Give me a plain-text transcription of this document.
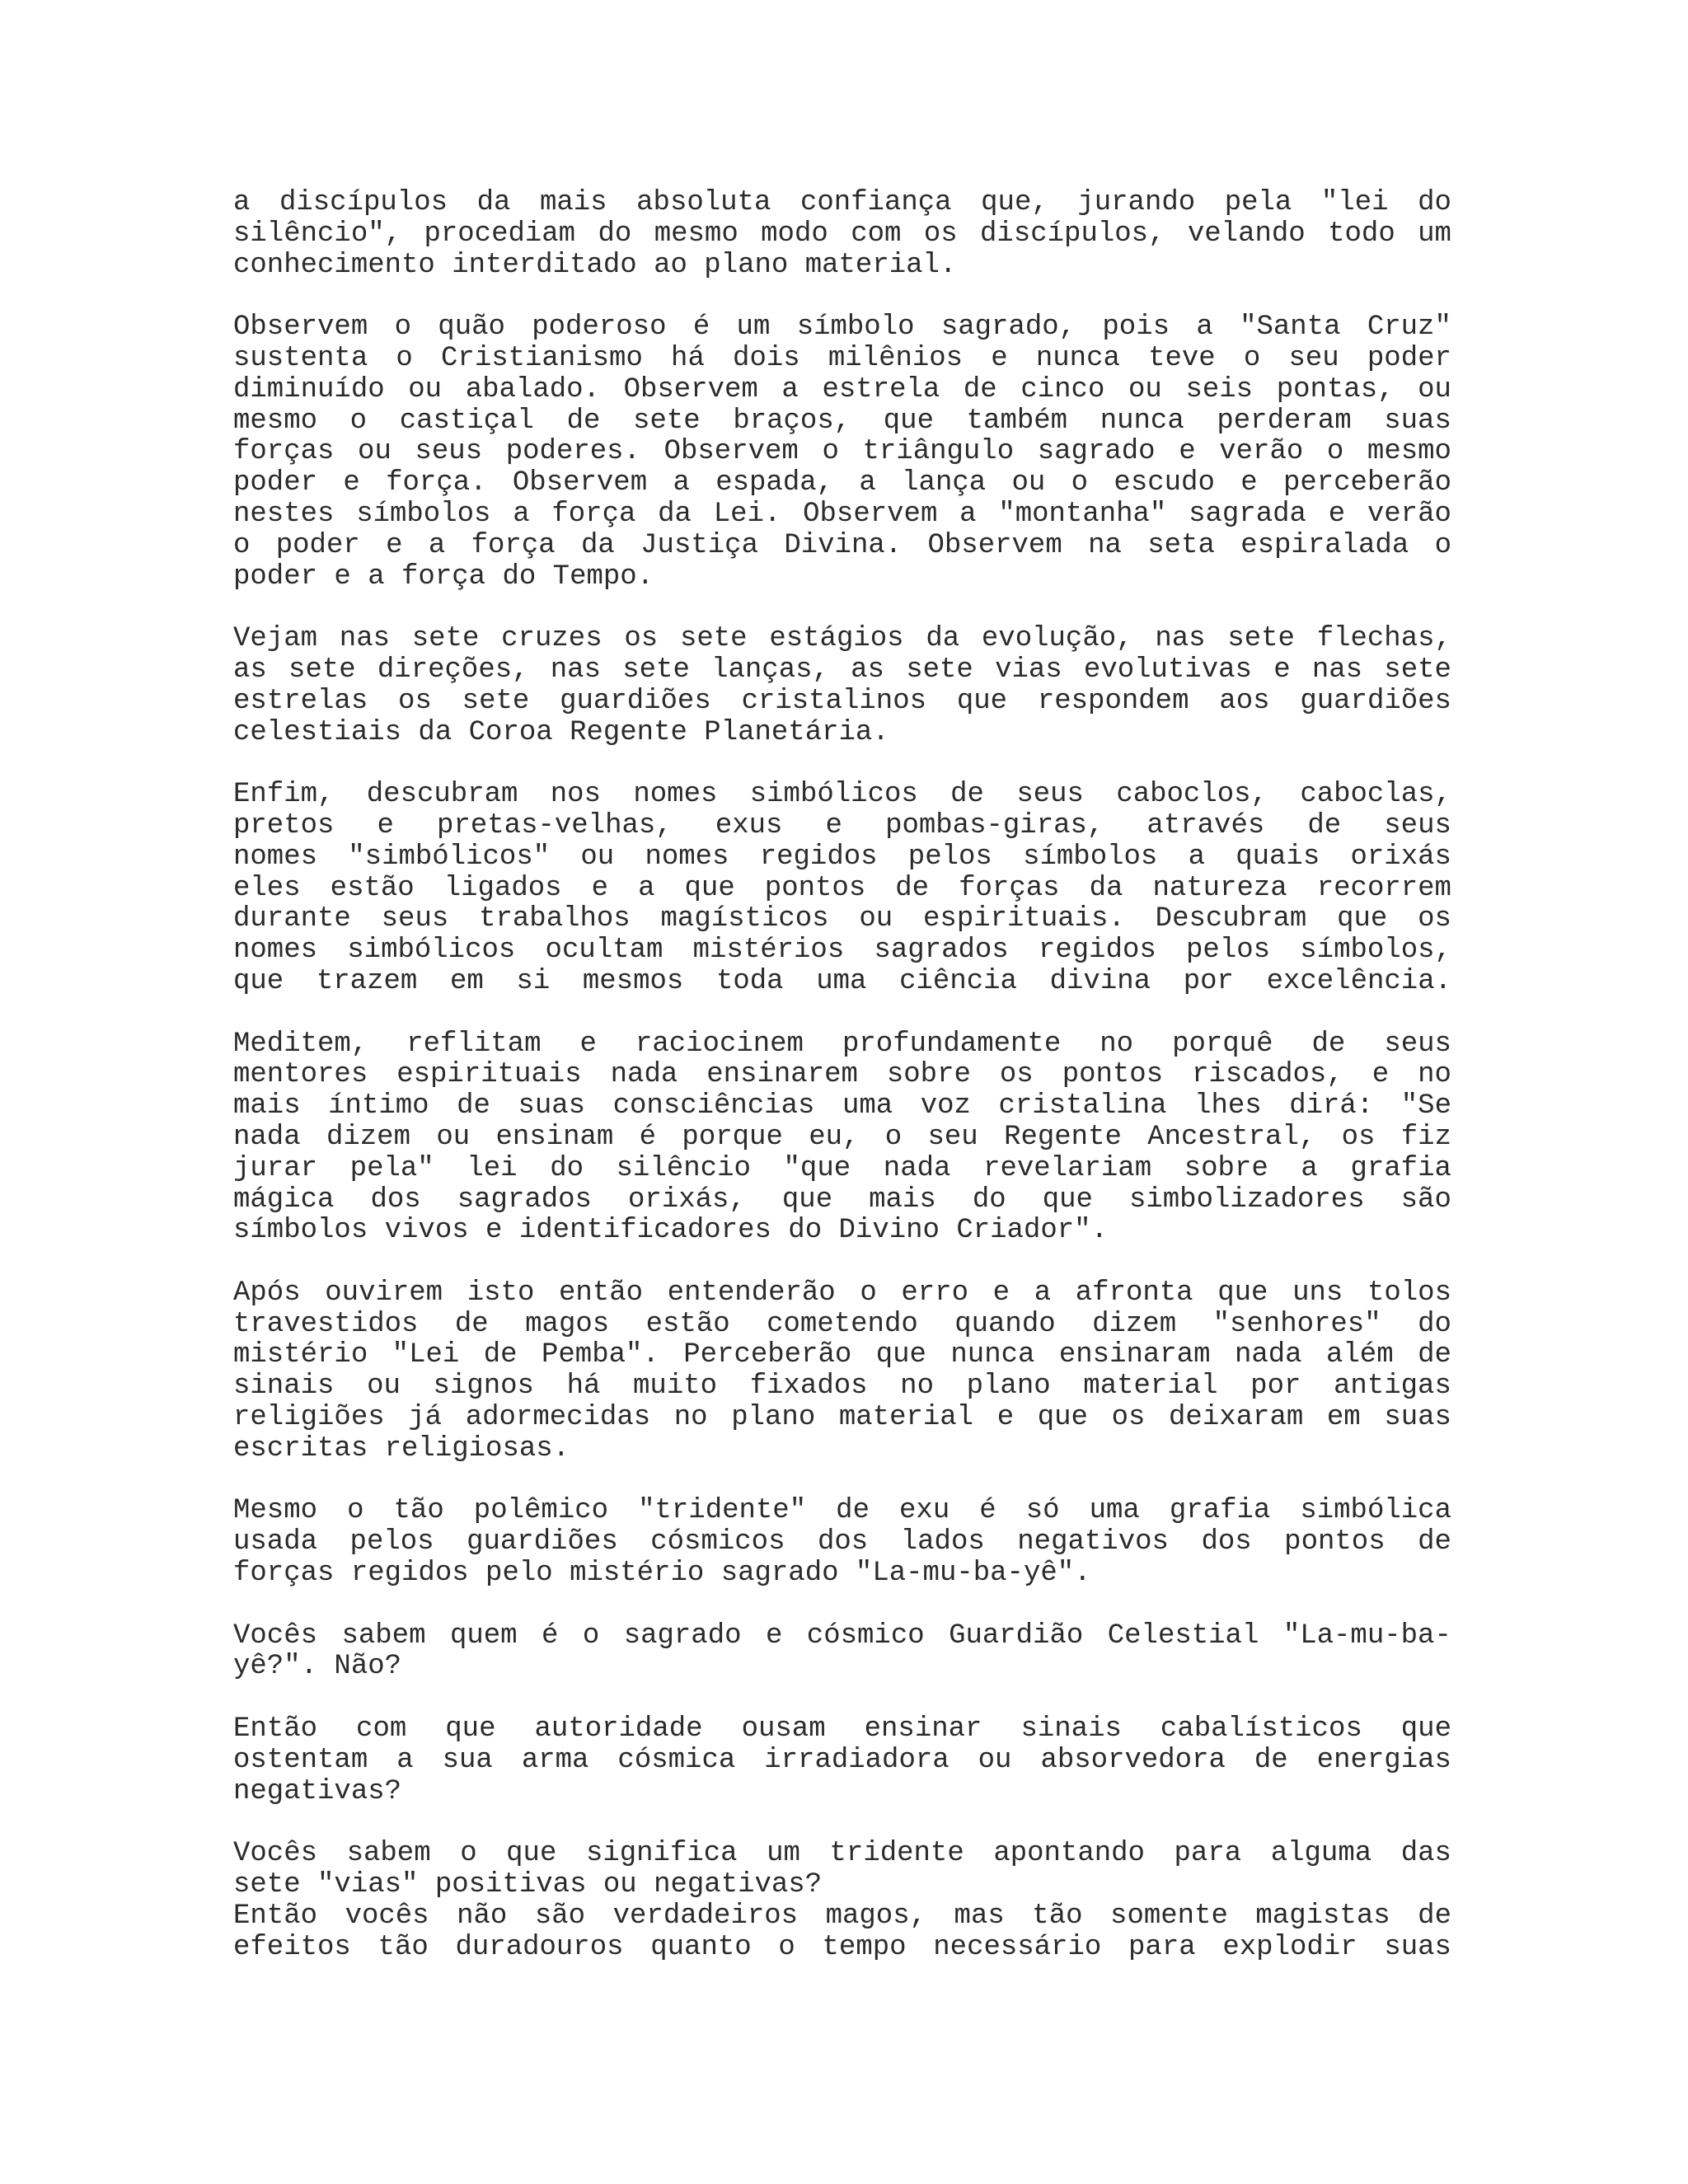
a discípulos da mais absoluta confiança que, jurando pela "lei do
silêncio", procediam do mesmo modo com os discípulos, velando todo um
conhecimento interditado ao plano material.
Observem o quão poderoso é um símbolo sagrado, pois a "Santa Cruz"
sustenta o Cristianismo há dois milênios e nunca teve o seu poder
diminuído ou abalado. Observem a estrela de cinco ou seis pontas, ou
mesmo o castiçal de sete braços, que também nunca perderam suas
forças ou seus poderes. Observem o triângulo sagrado e verão o mesmo
poder e força. Observem a espada, a lança ou o escudo e perceberão
nestes símbolos a força da Lei. Observem a "montanha" sagrada e verão
o poder e a força da Justiça Divina. Observem na seta espiralada o
poder e a força do Tempo.
Vejam nas sete cruzes os sete estágios da evolução, nas sete flechas,
as sete direções, nas sete lanças, as sete vias evolutivas e nas sete
estrelas os sete guardiões cristalinos que respondem aos guardiões
celestiais da Coroa Regente Planetária.
Enfim, descubram nos nomes simbólicos de seus caboclos, caboclas,
pretos e pretas-velhas, exus e pombas-giras, através de seus
nomes "simbólicos" ou nomes regidos pelos símbolos a quais orixás
eles estão ligados e a que pontos de forças da natureza recorrem
durante seus trabalhos magísticos ou espirituais. Descubram que os
nomes simbólicos ocultam mistérios sagrados regidos pelos símbolos,
que trazem em si mesmos toda uma ciência divina por excelência.
Meditem, reflitam e raciocinem profundamente no porquê de seus
mentores espirituais nada ensinarem sobre os pontos riscados, e no
mais íntimo de suas consciências uma voz cristalina lhes dirá: "Se
nada dizem ou ensinam é porque eu, o seu Regente Ancestral, os fiz
jurar pela" lei do silêncio "que nada revelariam sobre a grafia
mágica dos sagrados orixás, que mais do que simbolizadores são
símbolos vivos e identificadores do Divino Criador".
Após ouvirem isto então entenderão o erro e a afronta que uns tolos
travestidos de magos estão cometendo quando dizem "senhores" do
mistério "Lei de Pemba". Perceberão que nunca ensinaram nada além de
sinais ou signos há muito fixados no plano material por antigas
religiões já adormecidas no plano material e que os deixaram em suas
escritas religiosas.
Mesmo o tão polêmico "tridente" de exu é só uma grafia simbólica
usada pelos guardiões cósmicos dos lados negativos dos pontos de
forças regidos pelo mistério sagrado "La-mu-ba-yê".
Vocês sabem quem é o sagrado e cósmico Guardião Celestial "La-mu-ba-
yê?". Não?
Então com que autoridade ousam ensinar sinais cabalísticos que
ostentam a sua arma cósmica irradiadora ou absorvedora de energias
negativas?
Vocês sabem o que significa um tridente apontando para alguma das
sete "vias" positivas ou negativas?
Então vocês não são verdadeiros magos, mas tão somente magistas de
efeitos tão duradouros quanto o tempo necessário para explodir suas
